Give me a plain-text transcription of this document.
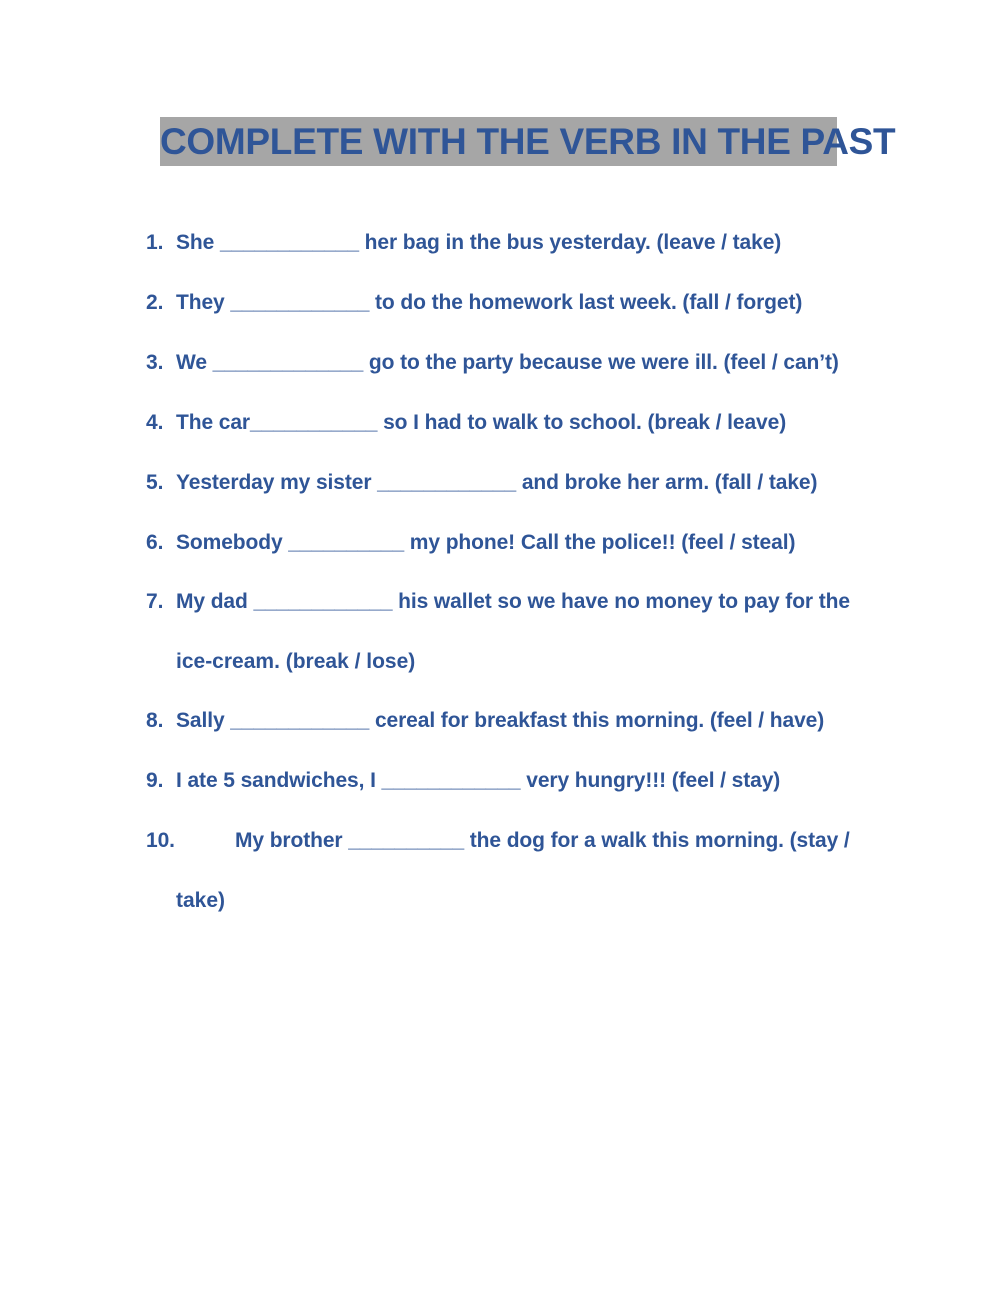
COMPLETE WITH THE VERB IN THE PAST
1. She ____________ her bag in the bus yesterday. (leave / take)
2. They ____________ to do the homework last week. (fall / forget)
3. We _____________ go to the party because we were ill. (feel / can’t)
4. The car___________ so I had to walk to school. (break / leave)
5. Yesterday my sister ____________ and broke her arm. (fall / take)
6. Somebody __________ my phone! Call the police!! (feel / steal)
7. My dad ____________ his wallet so we have no money to pay for the
ice-cream. (break / lose)
8. Sally ____________ cereal for breakfast this morning. (feel / have)
9. I ate 5 sandwiches, I ____________ very hungry!!! (feel / stay)
10.	My brother __________ the dog for a walk this morning. (stay /
take)
